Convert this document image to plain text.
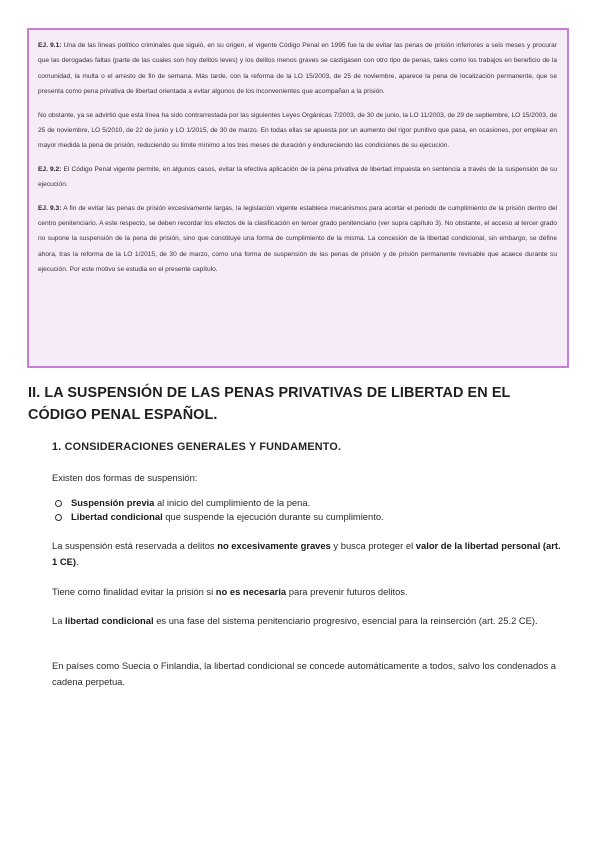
EJ. 9.1: Una de las líneas político criminales que siguió, en su origen, el vigente Código Penal en 1995 fue la de evitar las penas de prisión inferiores a seis meses y procurar que las derogadas faltas (parte de las cuales son hoy delitos leves) y los delitos menos graves se castigasen con otro tipo de penas, tales como los trabajos en beneficio de la comunidad, la multa o el arresto de fin de semana. Más tarde, con la reforma de la LO 15/2003, de 25 de noviembre, aparece la pena de localización permanente, que se presenta como pena privativa de libertad orientada a evitar algunos de los inconvenientes que acompañan a la prisión.

No obstante, ya se advirtió que esta línea ha sido contrarrestada por las siguientes Leyes Orgánicas 7/2003, de 30 de junio, la LO 11/2003, de 29 de septiembre, LO 15/2003, de 25 de noviembre, LO 5/2010, de 22 de junio y LO 1/2015, de 30 de marzo. En todas ellas se apuesta por un aumento del rigor punitivo que pasa, en ocasiones, por emplear en mayor medida la pena de prisión, reduciendo su límite mínimo a los tres meses de duración y endureciendo las condiciones de su ejecución.

EJ. 9.2: El Código Penal vigente permite, en algunos casos, evitar la efectiva aplicación de la pena privativa de libertad impuesta en sentencia a través de la suspensión de su ejecución.

EJ. 9.3: A fin de evitar las penas de prisión excesivamente largas, la legislación vigente establece mecanismos para acortar el periodo de cumplimiento de la prisión dentro del centro penitenciario. A este respecto, se deben recordar los efectos de la clasificación en tercer grado penitenciario (ver supra capítulo 3). No obstante, el acceso al tercer grado no supone la suspensión de la pena de prisión, sino que constituye una forma de cumplimiento de la misma. La concesión de la libertad condicional, sin embargo, se define ahora, tras la reforma de la LO 1/2015, de 30 de marzo, como una forma de suspensión de las penas de prisión y de prisión permanente revisable que acaece durante su ejecución. Por este motivo se estudia en el presente capítulo.

II. LA SUSPENSIÓN DE LAS PENAS PRIVATIVAS DE LIBERTAD EN EL CÓDIGO PENAL ESPAÑOL.
1. CONSIDERACIONES GENERALES Y FUNDAMENTO.
Existen dos formas de suspensión:
Suspensión previa al inicio del cumplimiento de la pena.
Libertad condicional que suspende la ejecución durante su cumplimiento.
La suspensión está reservada a delitos no excesivamente graves y busca proteger el valor de la libertad personal (art. 1 CE).
Tiene como finalidad evitar la prisión si no es necesaria para prevenir futuros delitos.
La libertad condicional es una fase del sistema penitenciario progresivo, esencial para la reinserción (art. 25.2 CE).
En países como Suecia o Finlandia, la libertad condicional se concede automáticamente a todos, salvo los condenados a cadena perpetua.
